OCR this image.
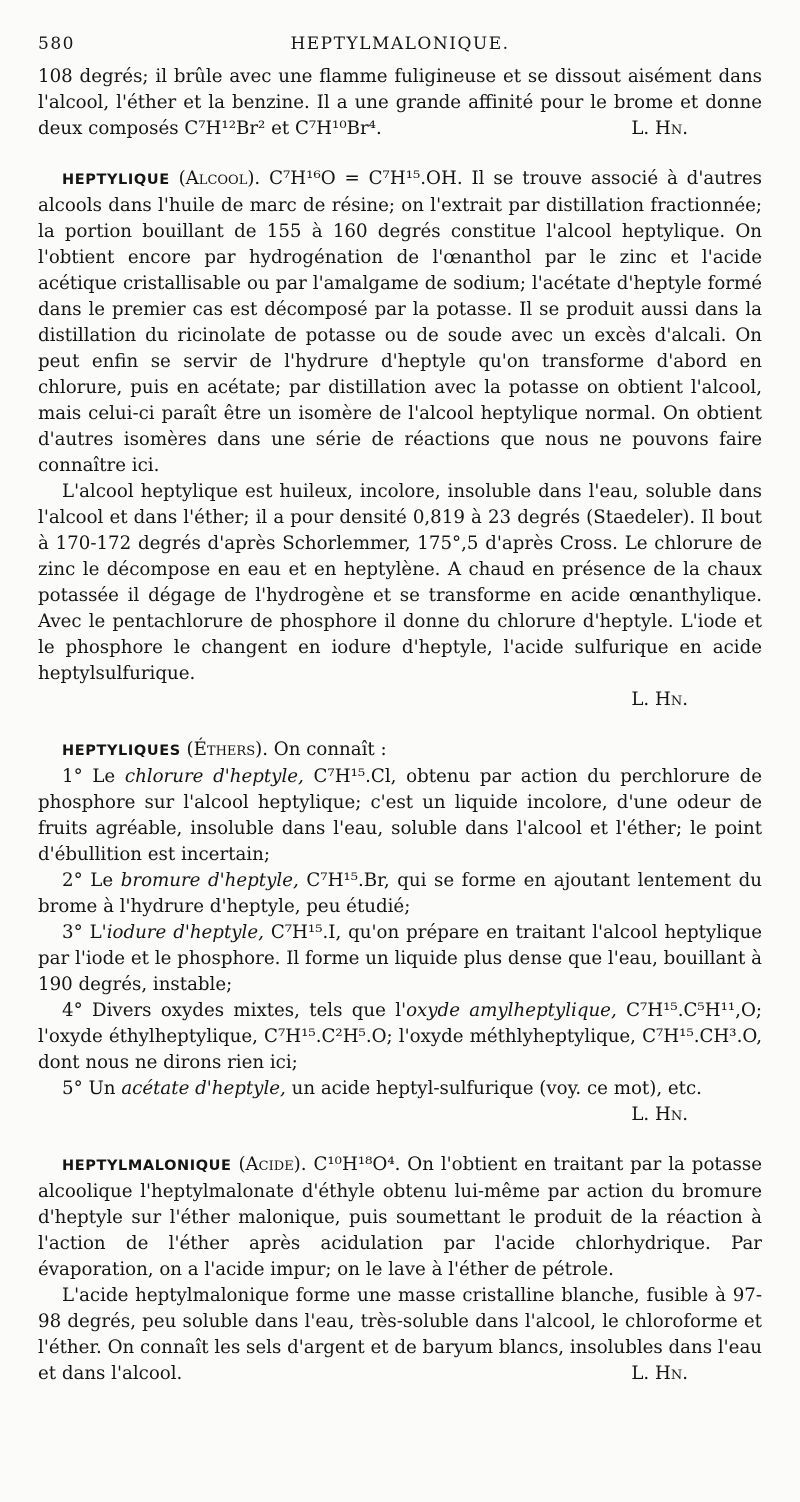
580	HEPTYLMALONIQUE.

108 degrés; il brûle avec une flamme fuligineuse et se dissout aisément dans l'alcool, l'éther et la benzine. Il a une grande affinité pour le brome et donne deux composés C⁷H¹²Br² et C⁷H¹⁰Br⁴.	L. Hn.

HEPTYLIQUE (Alcool). C⁷H¹⁶O = C⁷H¹⁵.OH. Il se trouve associé à d'autres alcools dans l'huile de marc de résine; on l'extrait par distillation fractionnée; la portion bouillant de 155 à 160 degrés constitue l'alcool heptylique. On l'obtient encore par hydrogénation de l'œnanthol par le zinc et l'acide acétique cristallisable ou par l'amalgame de sodium; l'acétate d'heptyle formé dans le premier cas est décomposé par la potasse. Il se produit aussi dans la distillation du ricinolate de potasse ou de soude avec un excès d'alcali. On peut enfin se servir de l'hydrure d'heptyle qu'on transforme d'abord en chlorure, puis en acétate; par distillation avec la potasse on obtient l'alcool, mais celui-ci paraît être un isomère de l'alcool heptylique normal. On obtient d'autres isomères dans une série de réactions que nous ne pouvons faire connaître ici.

L'alcool heptylique est huileux, incolore, insoluble dans l'eau, soluble dans l'alcool et dans l'éther; il a pour densité 0,819 à 23 degrés (Staedeler). Il bout à 170-172 degrés d'après Schorlemmer, 175°,5 d'après Cross. Le chlorure de zinc le décompose en eau et en heptylène. A chaud en présence de la chaux potassée il dégage de l'hydrogène et se transforme en acide œnanthylique. Avec le pentachlorure de phosphore il donne du chlorure d'heptyle. L'iode et le phosphore le changent en iodure d'heptyle, l'acide sulfurique en acide heptylsulfurique.

L. Hn.

HEPTYLIQUES (Éthers). On connaît :

1° Le chlorure d'heptyle, C⁷H¹⁵.Cl, obtenu par action du perchlorure de phosphore sur l'alcool heptylique; c'est un liquide incolore, d'une odeur de fruits agréable, insoluble dans l'eau, soluble dans l'alcool et l'éther; le point d'ébullition est incertain;

2° Le bromure d'heptyle, C⁷H¹⁵.Br, qui se forme en ajoutant lentement du brome à l'hydrure d'heptyle, peu étudié;

3° L'iodure d'heptyle, C⁷H¹⁵.I, qu'on prépare en traitant l'alcool heptylique par l'iode et le phosphore. Il forme un liquide plus dense que l'eau, bouillant à 190 degrés, instable;

4° Divers oxydes mixtes, tels que l'oxyde amylheptylique, C⁷H¹⁵.C⁵H¹¹,O; l'oxyde éthylheptylique, C⁷H¹⁵.C²H⁵.O; l'oxyde méthlyheptylique, C⁷H¹⁵.CH³.O, dont nous ne dirons rien ici;

5° Un acétate d'heptyle, un acide heptyl-sulfurique (voy. ce mot), etc.

L. Hn.

HEPTYLMALONIQUE (Acide). C¹⁰H¹⁸O⁴. On l'obtient en traitant par la potasse alcoolique l'heptylmalonate d'éthyle obtenu lui-même par action du bromure d'heptyle sur l'éther malonique, puis soumettant le produit de la réaction à l'action de l'éther après acidulation par l'acide chlorhydrique. Par évaporation, on a l'acide impur; on le lave à l'éther de pétrole.

L'acide heptylmalonique forme une masse cristalline blanche, fusible à 97-98 degrés, peu soluble dans l'eau, très-soluble dans l'alcool, le chloroforme et l'éther. On connaît les sels d'argent et de baryum blancs, insolubles dans l'eau et dans l'alcool.	L. Hn.
